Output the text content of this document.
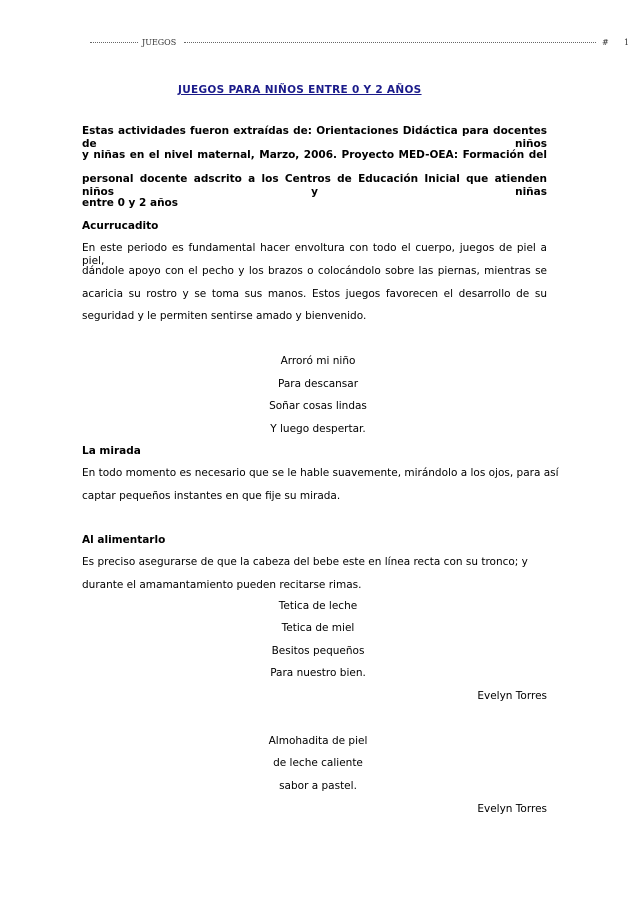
JUEGOS	# 1
JUEGOS PARA NIÑOS ENTRE 0 Y 2 AÑOS
Estas actividades fueron extraídas de: Orientaciones Didáctica para docentes de niños
y niñas en el nivel maternal, Marzo, 2006. Proyecto MED-OEA: Formación del
personal docente adscrito a los Centros de Educación Inicial que atienden niños y niñas
entre 0 y 2 años
Acurrucadito
En este periodo es fundamental hacer envoltura con todo el cuerpo, juegos de piel a piel,
dándole apoyo con el pecho y los brazos o colocándolo sobre las piernas, mientras se
acaricia su rostro y se toma sus manos. Estos juegos favorecen el desarrollo de su
seguridad y le permiten sentirse amado y bienvenido.
Arroró mi niño
Para descansar
Soñar cosas lindas
Y luego despertar.
La mirada
En todo momento es necesario que se le hable suavemente, mirándolo a los ojos, para así
captar pequeños instantes en que fije su mirada.
Al alimentarlo
Es preciso asegurarse de que la cabeza del bebe este en línea recta con su tronco; y
durante el amamantamiento pueden recitarse rimas.
Tetica de leche
Tetica de miel
Besitos pequeños
Para nuestro bien.
Evelyn Torres
Almohadita de piel
de leche caliente
sabor a pastel.
Evelyn Torres
